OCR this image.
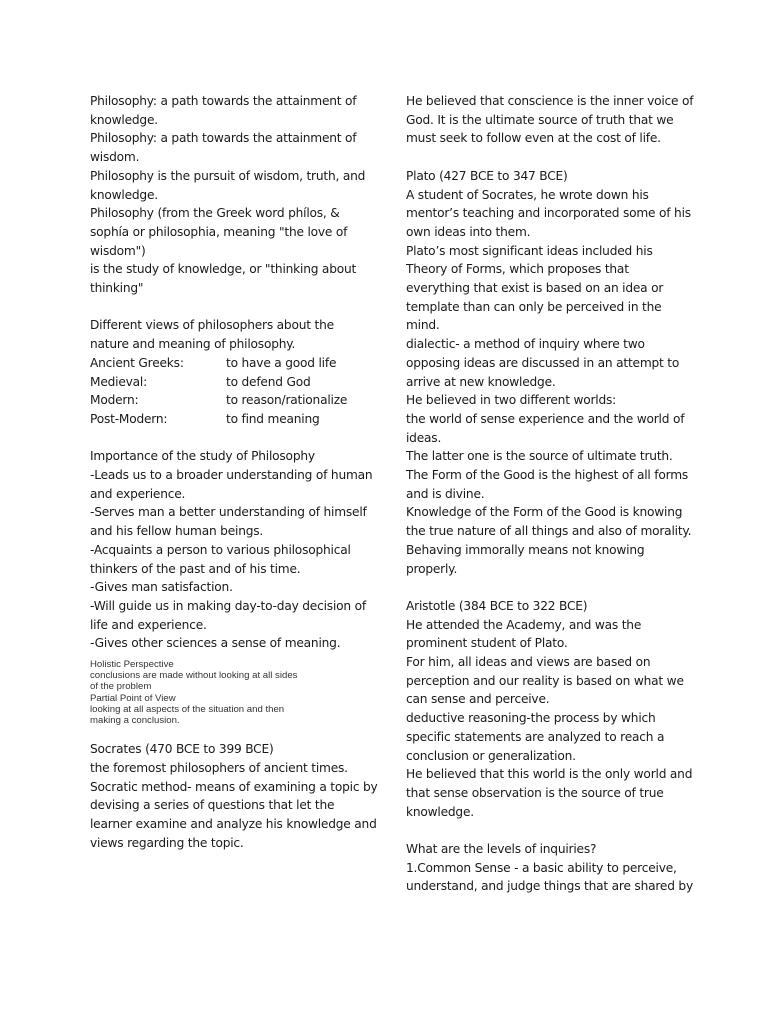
Philosophy: a path towards the attainment of
knowledge.
Philosophy: a path towards the attainment of
wisdom.
Philosophy is the pursuit of wisdom, truth, and
knowledge.
Philosophy (from the Greek word phílos, &
sophía or philosophia, meaning "the love of
wisdom")
is the study of knowledge, or "thinking about
thinking"
Different views of philosophers about the
nature and meaning of philosophy.
Ancient Greeks:	to have a good life
Medieval:	to defend God
Modern:	to reason/rationalize
Post-Modern:	to find meaning
Importance of the study of Philosophy
-Leads us to a broader understanding of human
and experience.
-Serves man a better understanding of himself
and his fellow human beings.
-Acquaints a person to various philosophical
thinkers of the past and of his time.
-Gives man satisfaction.
-Will guide us in making day-to-day decision of
life and experience.
-Gives other sciences a sense of meaning.
Holistic Perspective
conclusions are made without looking at all sides
of the problem
Partial Point of View
looking at all aspects of the situation and then
making a conclusion.
Socrates (470 BCE to 399 BCE)
the foremost philosophers of ancient times.
Socratic method- means of examining a topic by
devising a series of questions that let the
learner examine and analyze his knowledge and
views regarding the topic.
He believed that conscience is the inner voice of
God. It is the ultimate source of truth that we
must seek to follow even at the cost of life.
Plato (427 BCE to 347 BCE)
A student of Socrates, he wrote down his
mentor’s teaching and incorporated some of his
own ideas into them.
Plato’s most significant ideas included his
Theory of Forms, which proposes that
everything that exist is based on an idea or
template than can only be perceived in the
mind.
dialectic- a method of inquiry where two
opposing ideas are discussed in an attempt to
arrive at new knowledge.
He believed in two different worlds:
the world of sense experience and the world of
ideas.
The latter one is the source of ultimate truth.
The Form of the Good is the highest of all forms
and is divine.
Knowledge of the Form of the Good is knowing
the true nature of all things and also of morality.
Behaving immorally means not knowing
properly.
Aristotle (384 BCE to 322 BCE)
He attended the Academy, and was the
prominent student of Plato.
For him, all ideas and views are based on
perception and our reality is based on what we
can sense and perceive.
deductive reasoning-the process by which
specific statements are analyzed to reach a
conclusion or generalization.
He believed that this world is the only world and
that sense observation is the source of true
knowledge.
What are the levels of inquiries?
1.Common Sense - a basic ability to perceive,
understand, and judge things that are shared by
